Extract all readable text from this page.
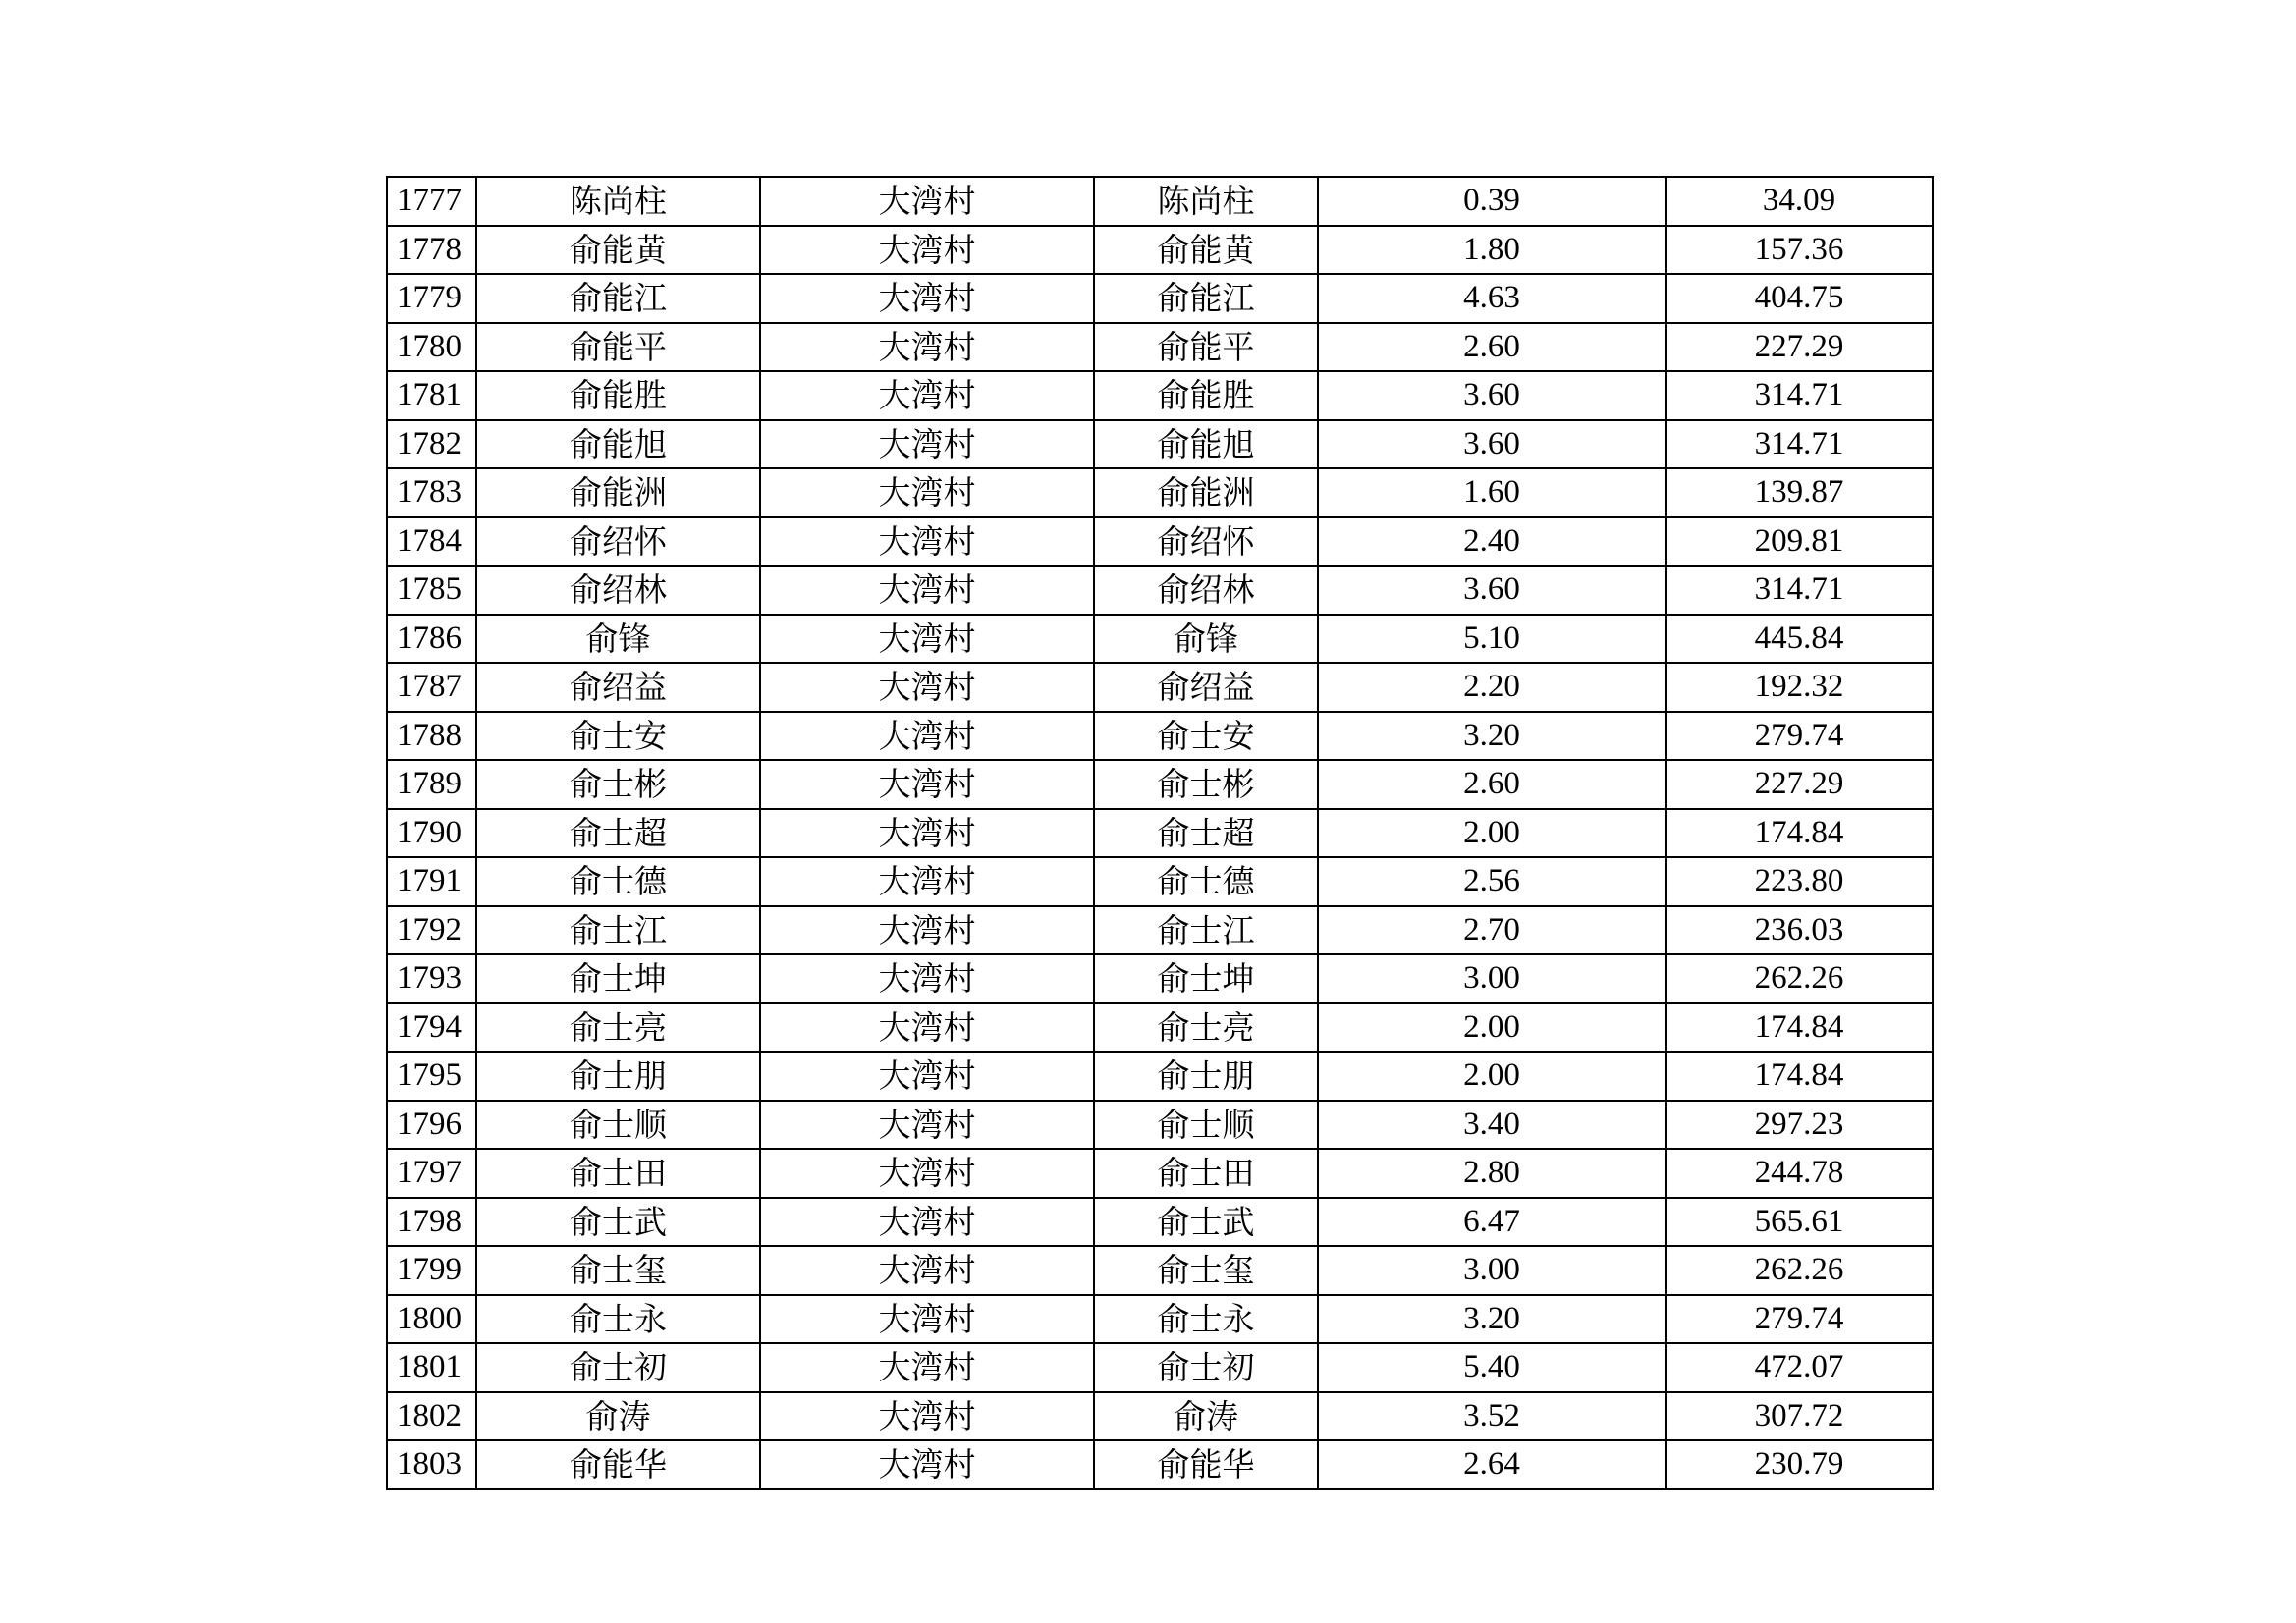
1777	陈尚柱	大湾村	陈尚柱	0.39	34.09
1778	俞能黄	大湾村	俞能黄	1.80	157.36
1779	俞能江	大湾村	俞能江	4.63	404.75
1780	俞能平	大湾村	俞能平	2.60	227.29
1781	俞能胜	大湾村	俞能胜	3.60	314.71
1782	俞能旭	大湾村	俞能旭	3.60	314.71
1783	俞能洲	大湾村	俞能洲	1.60	139.87
1784	俞绍怀	大湾村	俞绍怀	2.40	209.81
1785	俞绍林	大湾村	俞绍林	3.60	314.71
1786	俞锋	大湾村	俞锋	5.10	445.84
1787	俞绍益	大湾村	俞绍益	2.20	192.32
1788	俞士安	大湾村	俞士安	3.20	279.74
1789	俞士彬	大湾村	俞士彬	2.60	227.29
1790	俞士超	大湾村	俞士超	2.00	174.84
1791	俞士德	大湾村	俞士德	2.56	223.80
1792	俞士江	大湾村	俞士江	2.70	236.03
1793	俞士坤	大湾村	俞士坤	3.00	262.26
1794	俞士亮	大湾村	俞士亮	2.00	174.84
1795	俞士朋	大湾村	俞士朋	2.00	174.84
1796	俞士顺	大湾村	俞士顺	3.40	297.23
1797	俞士田	大湾村	俞士田	2.80	244.78
1798	俞士武	大湾村	俞士武	6.47	565.61
1799	俞士玺	大湾村	俞士玺	3.00	262.26
1800	俞士永	大湾村	俞士永	3.20	279.74
1801	俞士初	大湾村	俞士初	5.40	472.07
1802	俞涛	大湾村	俞涛	3.52	307.72
1803	俞能华	大湾村	俞能华	2.64	230.79
